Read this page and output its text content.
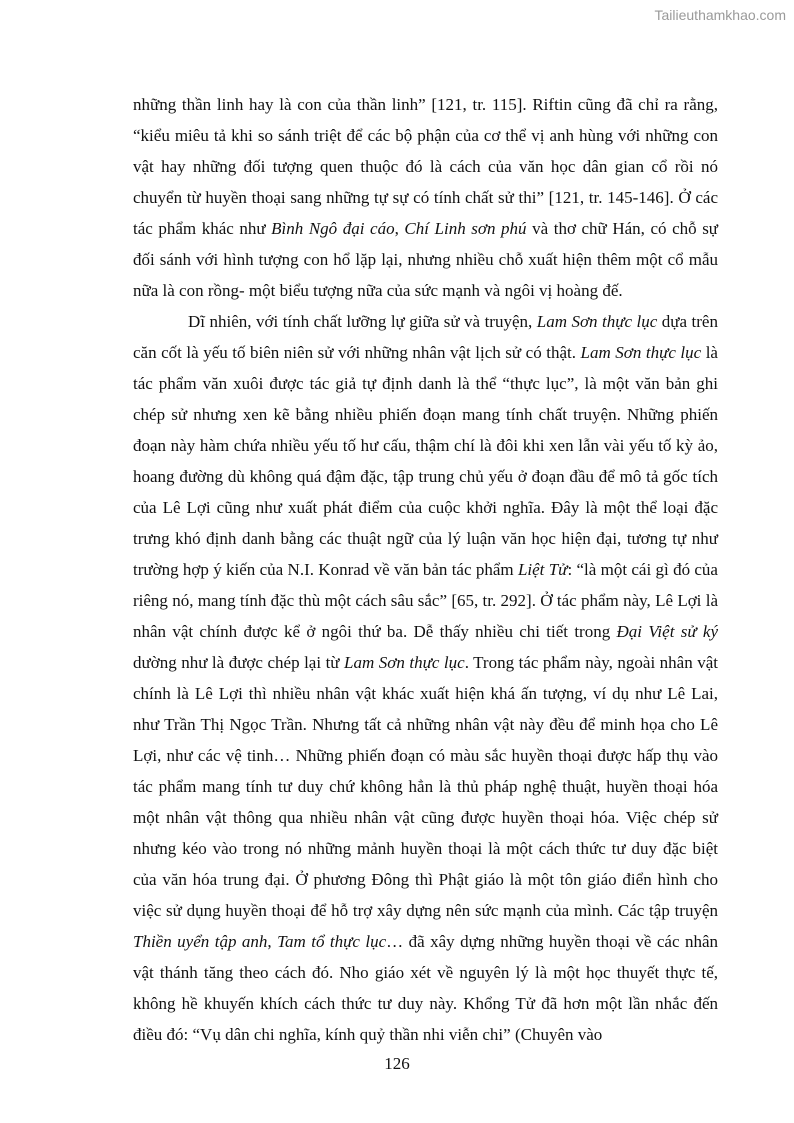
Tailieuthamkhao.com

những thần linh hay là con của thần linh” [121, tr. 115]. Riftin cũng đã chỉ ra rằng, “kiểu miêu tả khi so sánh triệt để các bộ phận của cơ thể vị anh hùng với những con vật hay những đối tượng quen thuộc đó là cách của văn học dân gian cổ rồi nó chuyển từ huyền thoại sang những tự sự có tính chất sử thi” [121, tr. 145-146]. Ở các tác phẩm khác như Bình Ngô đại cáo, Chí Linh sơn phú và thơ chữ Hán, có chỗ sự đối sánh với hình tượng con hổ lặp lại, nhưng nhiều chỗ xuất hiện thêm một cổ mẫu nữa là con rồng- một biểu tượng nữa của sức mạnh và ngôi vị hoàng đế.

Dĩ nhiên, với tính chất lưỡng lự giữa sử và truyện, Lam Sơn thực lục dựa trên căn cốt là yếu tố biên niên sử với những nhân vật lịch sử có thật. Lam Sơn thực lục là tác phẩm văn xuôi được tác giả tự định danh là thể “thực lục”, là một văn bản ghi chép sử nhưng xen kẽ bằng nhiều phiến đoạn mang tính chất truyện. Những phiến đoạn này hàm chứa nhiều yếu tố hư cấu, thậm chí là đôi khi xen lẫn vài yếu tố kỳ ảo, hoang đường dù không quá đậm đặc, tập trung chủ yếu ở đoạn đầu để mô tả gốc tích của Lê Lợi cũng như xuất phát điểm của cuộc khởi nghĩa. Đây là một thể loại đặc trưng khó định danh bằng các thuật ngữ của lý luận văn học hiện đại, tương tự như trường hợp ý kiến của N.I. Konrad về văn bản tác phẩm Liệt Tử: “là một cái gì đó của riêng nó, mang tính đặc thù một cách sâu sắc” [65, tr. 292]. Ở tác phẩm này, Lê Lợi là nhân vật chính được kể ở ngôi thứ ba. Dễ thấy nhiều chi tiết trong Đại Việt sử ký dường như là được chép lại từ Lam Sơn thực lục. Trong tác phẩm này, ngoài nhân vật chính là Lê Lợi thì nhiều nhân vật khác xuất hiện khá ấn tượng, ví dụ như Lê Lai, như Trần Thị Ngọc Trần. Nhưng tất cả những nhân vật này đều để minh họa cho Lê Lợi, như các vệ tinh… Những phiến đoạn có màu sắc huyền thoại được hấp thụ vào tác phẩm mang tính tư duy chứ không hẳn là thủ pháp nghệ thuật, huyền thoại hóa một nhân vật thông qua nhiều nhân vật cũng được huyền thoại hóa. Việc chép sử nhưng kéo vào trong nó những mảnh huyền thoại là một cách thức tư duy đặc biệt của văn hóa trung đại. Ở phương Đông thì Phật giáo là một tôn giáo điển hình cho việc sử dụng huyền thoại để hỗ trợ xây dựng nên sức mạnh của mình. Các tập truyện Thiền uyển tập anh, Tam tổ thực lục… đã xây dựng những huyền thoại về các nhân vật thánh tăng theo cách đó. Nho giáo xét về nguyên lý là một học thuyết thực tế, không hề khuyến khích cách thức tư duy này. Khổng Tử đã hơn một lần nhắc đến điều đó: “Vụ dân chi nghĩa, kính quỷ thần nhi viễn chi” (Chuyên vào

126
